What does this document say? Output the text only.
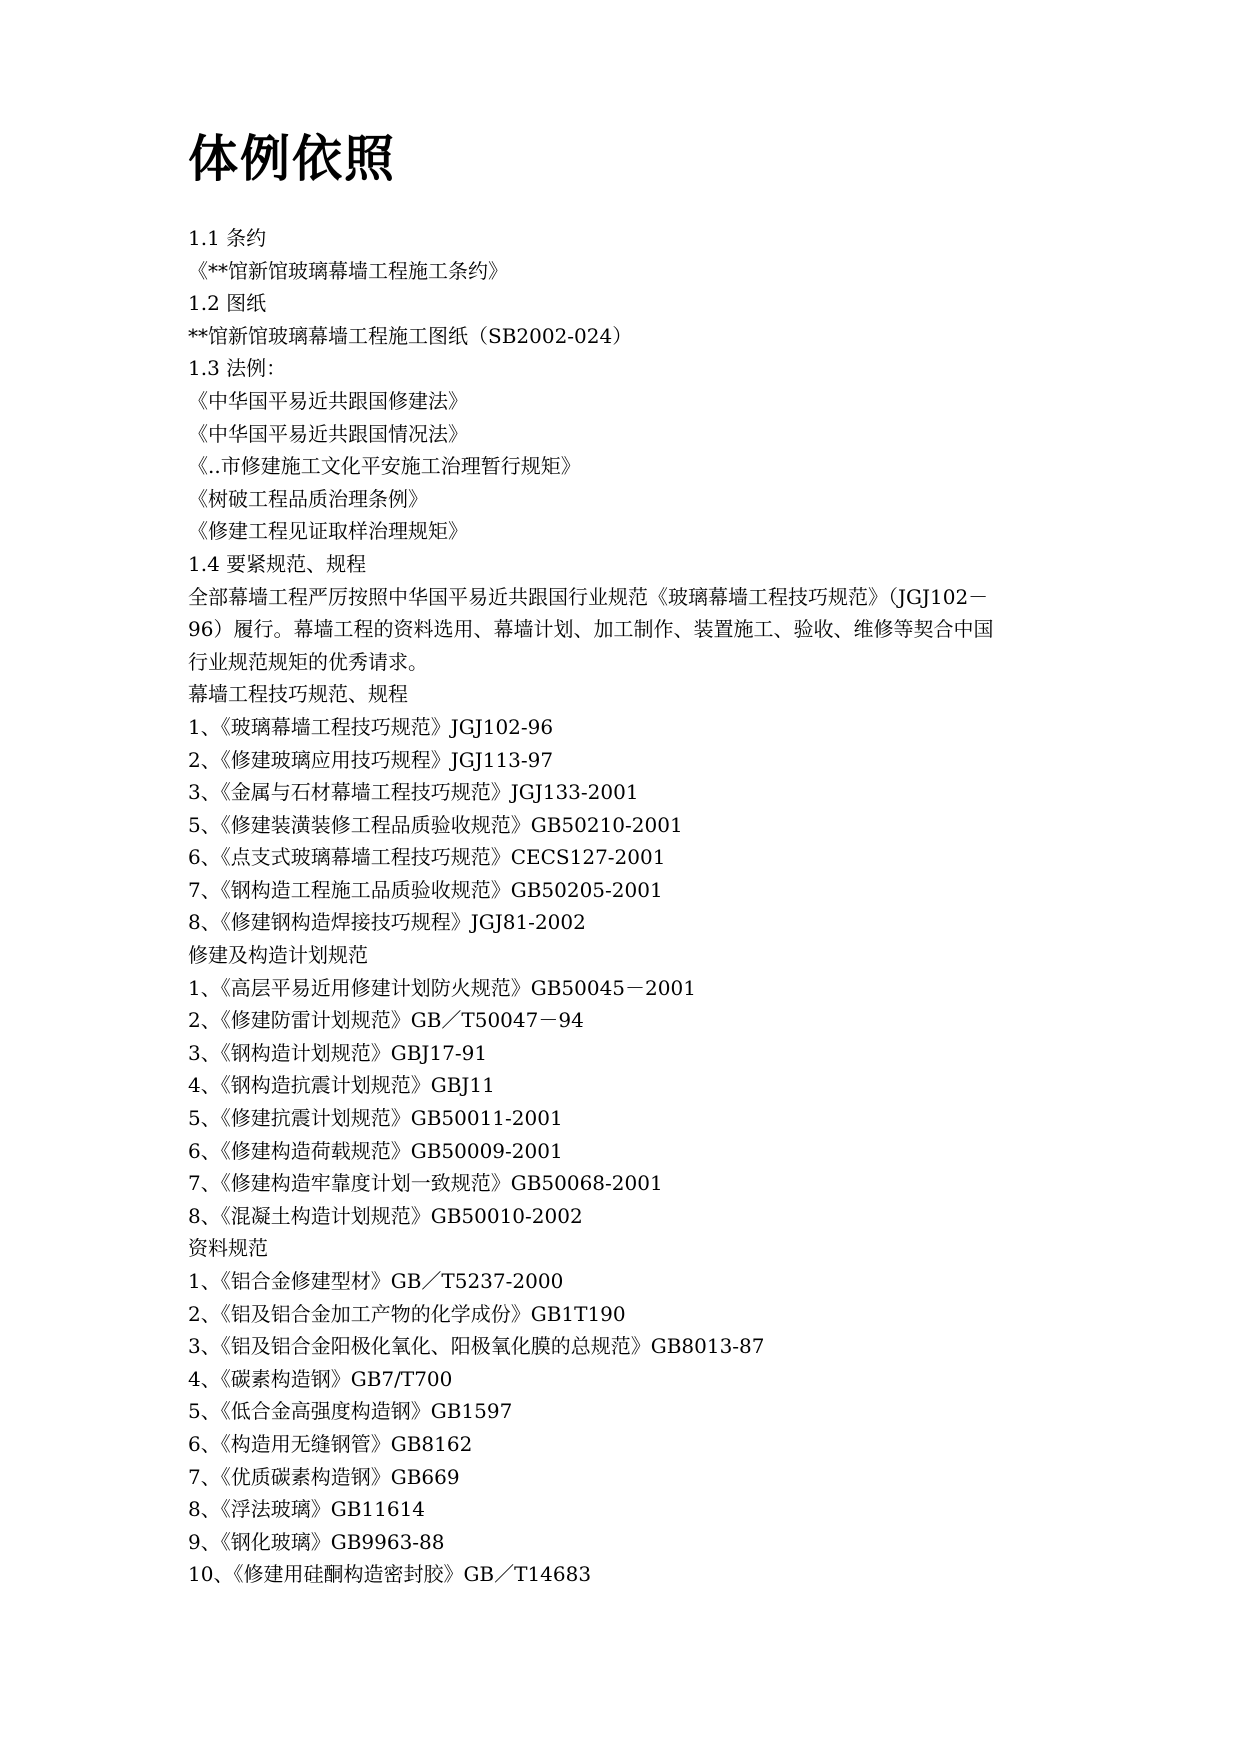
体例依照

1.1 条约

《**馆新馆玻璃幕墙工程施工条约》

1.2 图纸

**馆新馆玻璃幕墙工程施工图纸（SB2002-024）

1.3 法例：

《中华国平易近共跟国修建法》

《中华国平易近共跟国情况法》

《..市修建施工文化平安施工治理暂行规矩》

《树破工程品质治理条例》

《修建工程见证取样治理规矩》

1.4 要紧规范、规程

全部幕墙工程严厉按照中华国平易近共跟国行业规范《玻璃幕墙工程技巧规范》（JGJ102－

96）履行。幕墙工程的资料选用、幕墙计划、加工制作、装置施工、验收、维修等契合中国

行业规范规矩的优秀请求。

幕墙工程技巧规范、规程

1、《玻璃幕墙工程技巧规范》JGJ102-96

2、《修建玻璃应用技巧规程》JGJ113-97

3、《金属与石材幕墙工程技巧规范》JGJ133-2001

5、《修建装潢装修工程品质验收规范》GB50210-2001

6、《点支式玻璃幕墙工程技巧规范》CECS127-2001

7、《钢构造工程施工品质验收规范》GB50205-2001

8、《修建钢构造焊接技巧规程》JGJ81-2002

修建及构造计划规范

1、《高层平易近用修建计划防火规范》GB50045－2001

2、《修建防雷计划规范》GB／T50047－94

3、《钢构造计划规范》GBJ17-91

4、《钢构造抗震计划规范》GBJ11

5、《修建抗震计划规范》GB50011-2001

6、《修建构造荷载规范》GB50009-2001

7、《修建构造牢靠度计划一致规范》GB50068-2001

8、《混凝土构造计划规范》GB50010-2002

资料规范

1、《铝合金修建型材》GB／T5237-2000

2、《铝及铝合金加工产物的化学成份》GB1T190

3、《铝及铝合金阳极化氧化、阳极氧化膜的总规范》GB8013-87

4、《碳素构造钢》GB7/T700

5、《低合金高强度构造钢》GB1597

6、《构造用无缝钢管》GB8162

7、《优质碳素构造钢》GB669

8、《浮法玻璃》GB11614

9、《钢化玻璃》GB9963-88

10、《修建用硅酮构造密封胶》GB／T14683
